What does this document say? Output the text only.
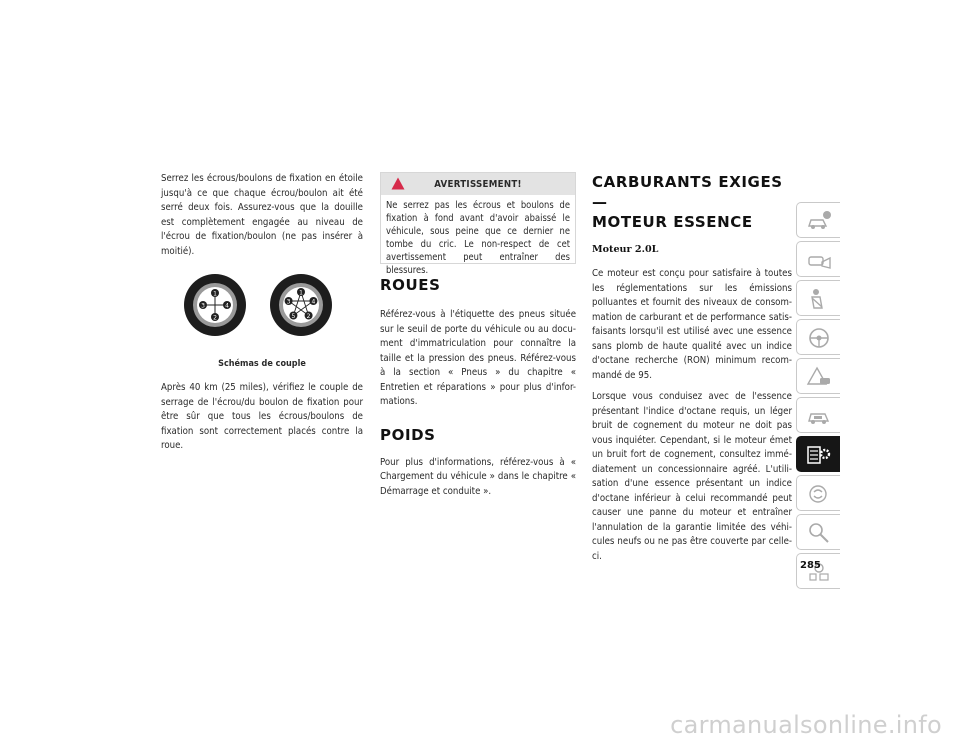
Serrez les écrous/boulons de fixation en étoile jusqu'à ce que chaque écrou/boulon ait été serré deux fois. Assurez-vous que la douille est complètement engagée au niveau de l'écrou de fixation/boulon (ne pas insérer à moitié).

1
2
3	4
1
2
3	4
5
Schémas de couple

Après 40 km (25 miles), vérifiez le couple de serrage de l'écrou/du boulon de fixation pour être sûr que tous les écrous/boulons de fixation sont correctement placés contre la roue.

AVERTISSEMENT!
Ne serrez pas les écrous et boulons de fixation à fond avant d'avoir abaissé le véhicule, sous peine que ce dernier ne tombe du cric. Le non-respect de cet avertissement peut entraîner des blessures.
ROUES

Référez-vous à l'étiquette des pneus située sur le seuil de porte du véhicule ou au docu-ment d'immatriculation pour connaître la taille et la pression des pneus. Référez-vous à la section « Pneus » du chapitre « Entretien et réparations » pour plus d'infor-mations.

POIDS

Pour plus d'informations, référez-vous à « Chargement du véhicule » dans le chapitre « Démarrage et conduite ».

CARBURANTS EXIGES —
MOTEUR ESSENCE
Moteur 2.0L

Ce moteur est conçu pour satisfaire à toutes les réglementations sur les émissions polluantes et fournit des niveaux de consom-mation de carburant et de performance satis-faisants lorsqu'il est utilisé avec une essence sans plomb de haute qualité avec un indice d'octane recherche (RON) minimum recom-mandé de 95.

Lorsque vous conduisez avec de l'essence présentant l'indice d'octane requis, un léger bruit de cognement du moteur ne doit pas vous inquiéter. Cependant, si le moteur émet un bruit fort de cognement, consultez immé-diatement un concessionnaire agréé. L'utili-sation d'une essence présentant un indice d'octane inférieur à celui recommandé peut causer une panne du moteur et entraîner l'annulation de la garantie limitée des véhi-cules neufs ou ne pas être couverte par celle-ci.

285
carmanualsonline.info
